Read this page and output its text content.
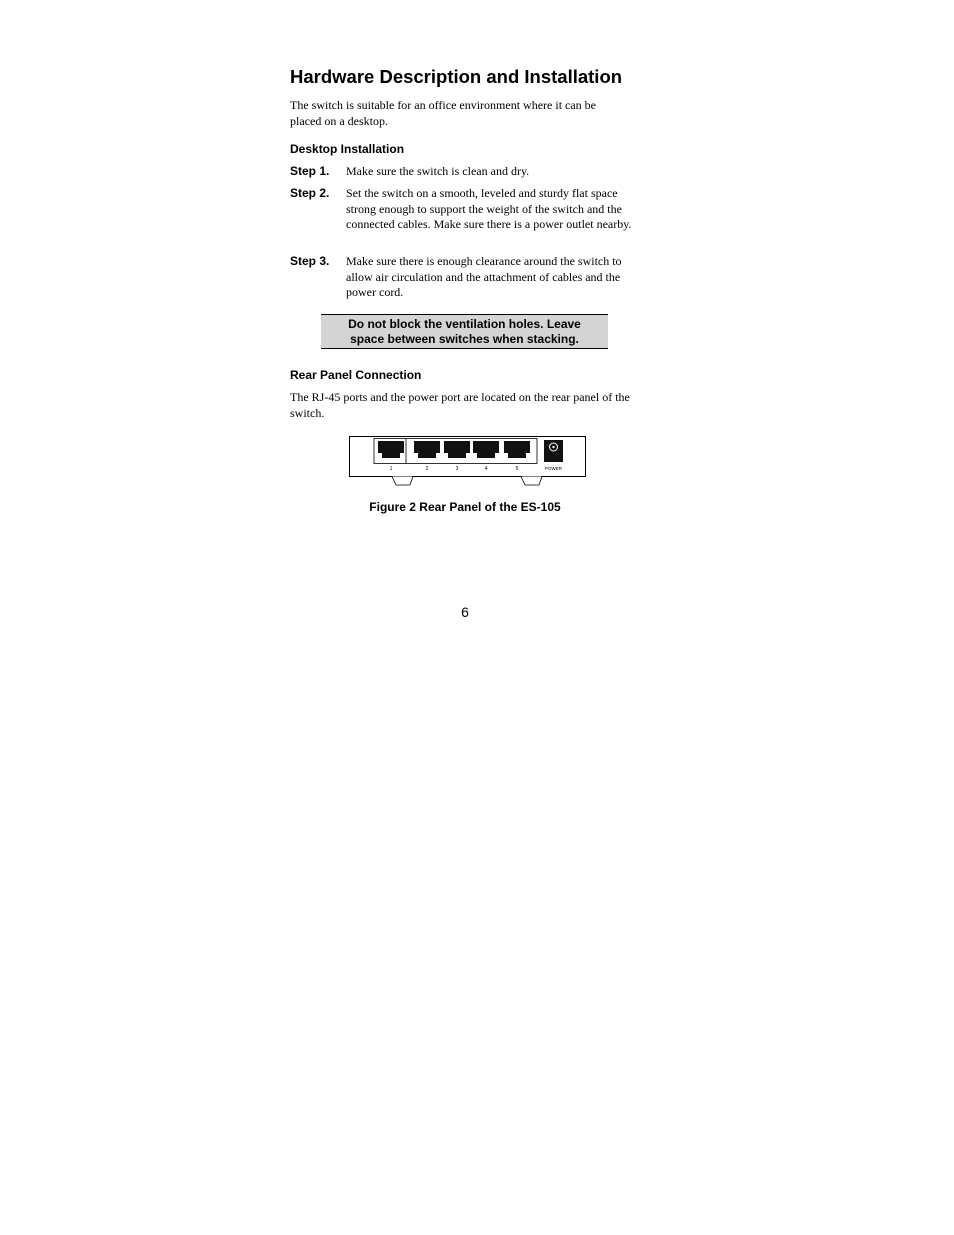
Hardware Description and Installation

The switch is suitable for an office environment where it can be placed on a desktop.

Desktop Installation
Step 1. Make sure the switch is clean and dry.
Step 2. Set the switch on a smooth, leveled and sturdy flat space strong enough to support the weight of the switch and the connected cables. Make sure there is a power outlet nearby.
Step 3. Make sure there is enough clearance around the switch to allow air circulation and the attachment of cables and the power cord.

Do not block the ventilation holes. Leave
space between switches when stacking.

Rear Panel Connection

The RJ-45 ports and the power port are located on the rear panel of the switch.

1	2	3	4	5	POWER

Figure 2 Rear Panel of the ES-105

6
